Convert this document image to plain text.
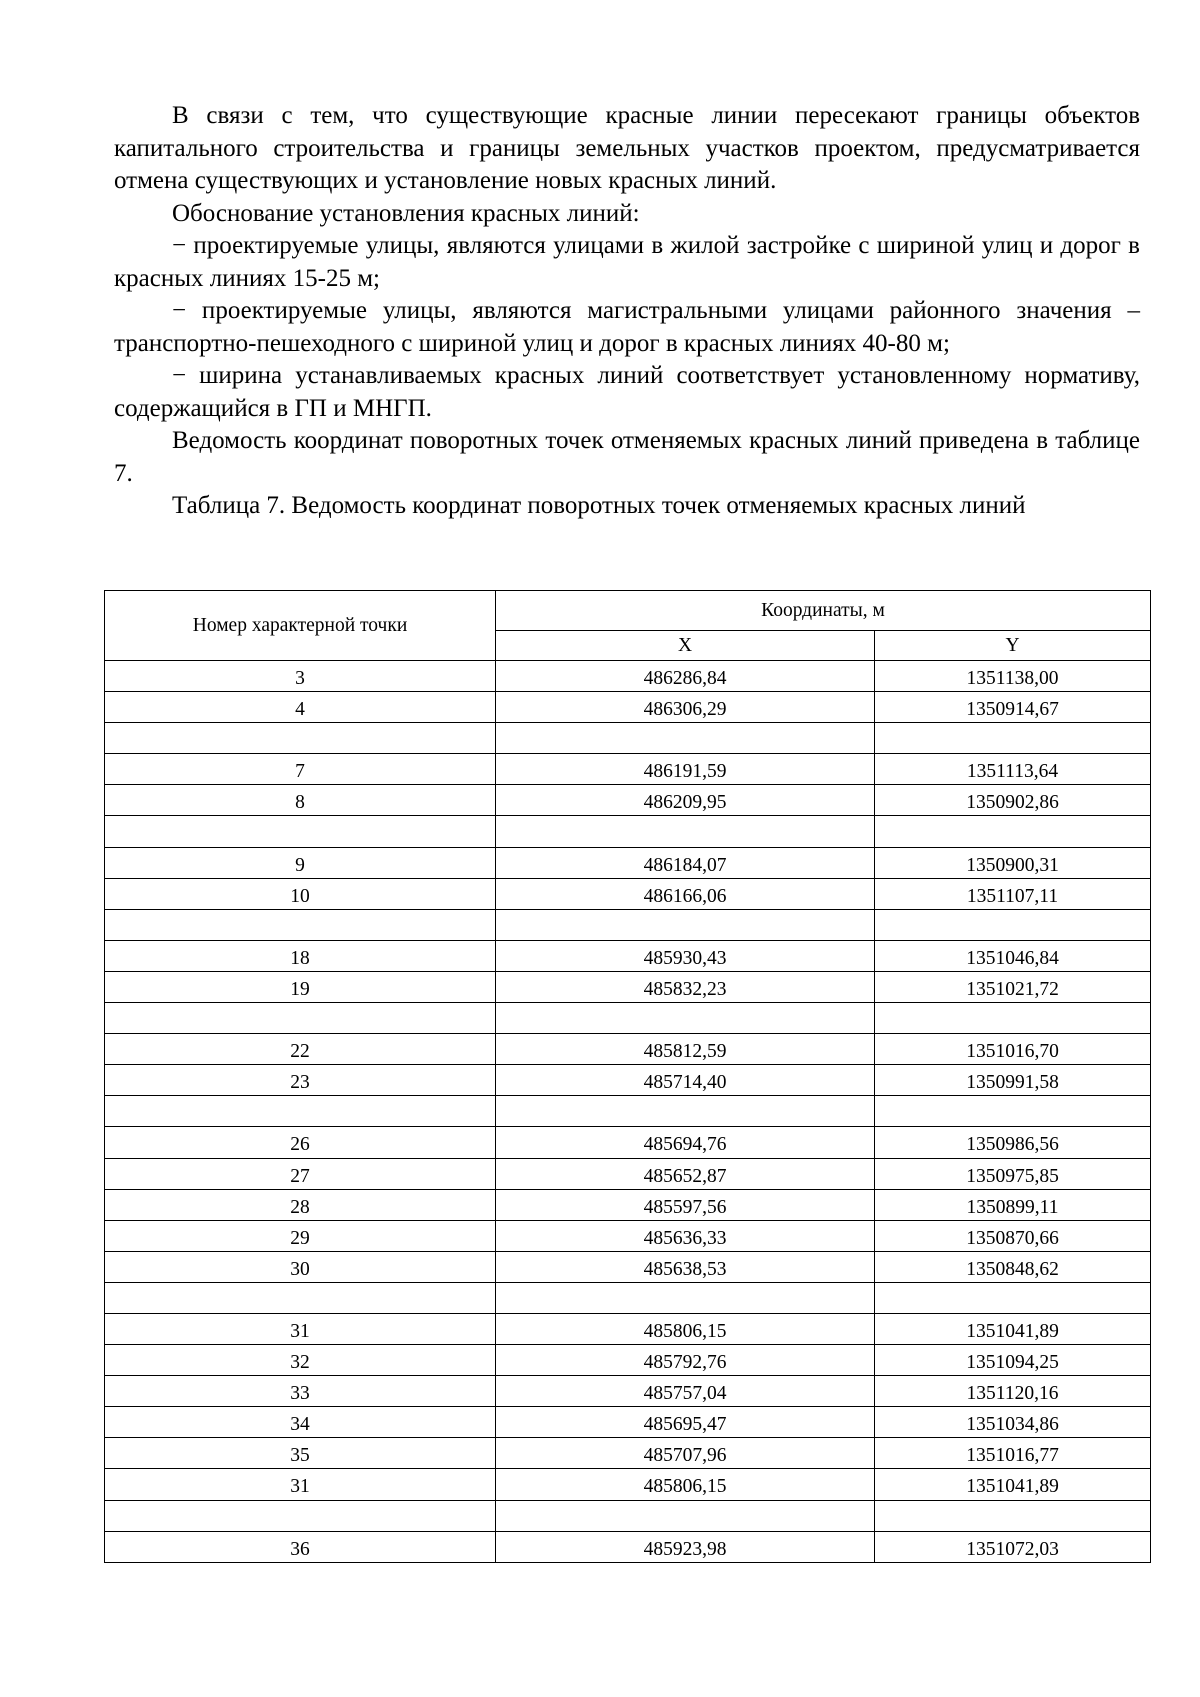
В связи с тем, что существующие красные линии пересекают границы объектов капитального строительства и границы земельных участков проектом, предусматривается отмена существующих и установление новых красных линий.

Обоснование установления красных линий:

− проектируемые улицы, являются улицами в жилой застройке с шириной улиц и дорог в красных линиях 15-25 м;

− проектируемые улицы, являются магистральными улицами районного значения – транспортно-пешеходного с шириной улиц и дорог в красных линиях 40-80 м;

− ширина устанавливаемых красных линий соответствует установленному нормативу, содержащийся в ГП и МНГП.

Ведомость координат поворотных точек отменяемых красных линий приведена в таблице 7.

Таблица 7. Ведомость координат поворотных точек отменяемых красных линий

Номер характерной точки	Координаты, м	
	X	Y
3	486286,84	1351138,00
4	486306,29	1350914,67

7	486191,59	1351113,64
8	486209,95	1350902,86

9	486184,07	1350900,31
10	486166,06	1351107,11

18	485930,43	1351046,84
19	485832,23	1351021,72

22	485812,59	1351016,70
23	485714,40	1350991,58

26	485694,76	1350986,56
27	485652,87	1350975,85
28	485597,56	1350899,11
29	485636,33	1350870,66
30	485638,53	1350848,62

31	485806,15	1351041,89
32	485792,76	1351094,25
33	485757,04	1351120,16
34	485695,47	1351034,86
35	485707,96	1351016,77
31	485806,15	1351041,89

36	485923,98	1351072,03
